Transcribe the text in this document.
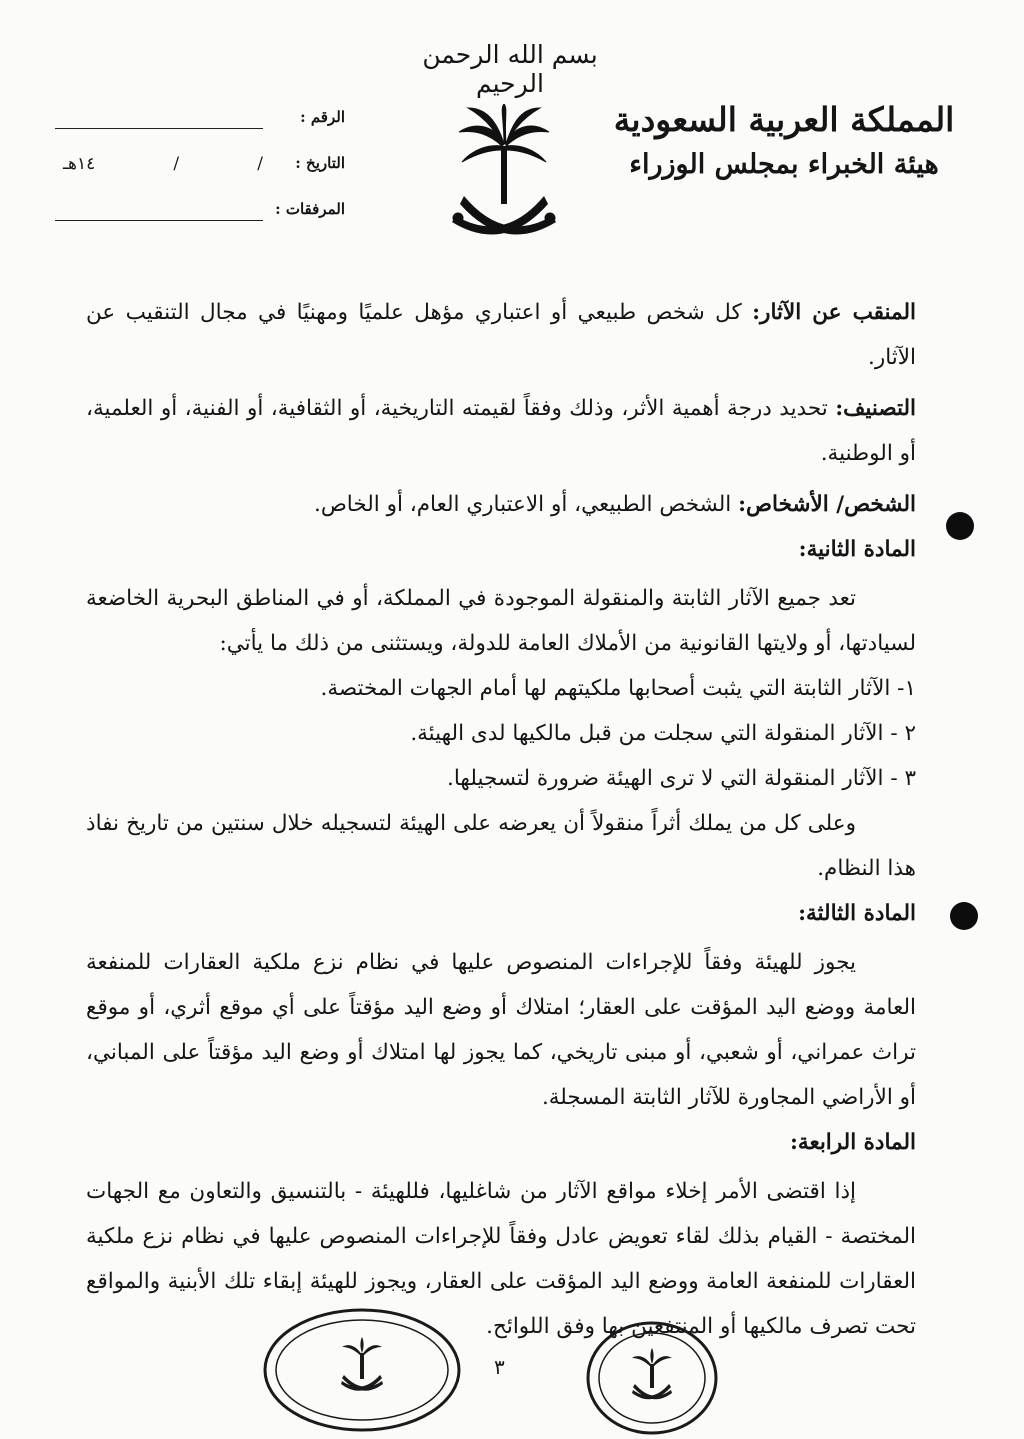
بسم الله الرحمن الرحيم
المملكة العربية السعودية
هيئة الخبراء بمجلس الوزراء
الرقم :
التاريخ :
/
/
١٤هـ
المرفقات :

المنقب عن الآثار: كل شخص طبيعي أو اعتباري مؤهل علميًا ومهنيًا في مجال التنقيب عن الآثار.

التصنيف: تحديد درجة أهمية الأثر، وذلك وفقاً لقيمته التاريخية، أو الثقافية، أو الفنية، أو العلمية، أو الوطنية.

الشخص/ الأشخاص: الشخص الطبيعي، أو الاعتباري العام، أو الخاص.

المادة الثانية:

تعد جميع الآثار الثابتة والمنقولة الموجودة في المملكة، أو في المناطق البحرية الخاضعة لسيادتها، أو ولايتها القانونية من الأملاك العامة للدولة، ويستثنى من ذلك ما يأتي:

١- الآثار الثابتة التي يثبت أصحابها ملكيتهم لها أمام الجهات المختصة.

٢ - الآثار المنقولة التي سجلت من قبل مالكيها لدى الهيئة.

٣ - الآثار المنقولة التي لا ترى الهيئة ضرورة لتسجيلها.

وعلى كل من يملك أثراً منقولاً أن يعرضه على الهيئة لتسجيله خلال سنتين من تاريخ نفاذ هذا النظام.

المادة الثالثة:

يجوز للهيئة وفقاً للإجراءات المنصوص عليها في نظام نزع ملكية العقارات للمنفعة العامة ووضع اليد المؤقت على العقار؛ امتلاك أو وضع اليد مؤقتاً على أي موقع أثري، أو موقع تراث عمراني، أو شعبي، أو مبنى تاريخي، كما يجوز لها امتلاك أو وضع اليد مؤقتاً على المباني، أو الأراضي المجاورة للآثار الثابتة المسجلة.

المادة الرابعة:

إذا اقتضى الأمر إخلاء مواقع الآثار من شاغليها، فللهيئة - بالتنسيق والتعاون مع الجهات المختصة - القيام بذلك لقاء تعويض عادل وفقاً للإجراءات المنصوص عليها في نظام نزع ملكية العقارات للمنفعة العامة ووضع اليد المؤقت على العقار، ويجوز للهيئة إبقاء تلك الأبنية والمواقع تحت تصرف مالكيها أو المنتفعين بها وفق اللوائح.

٣
